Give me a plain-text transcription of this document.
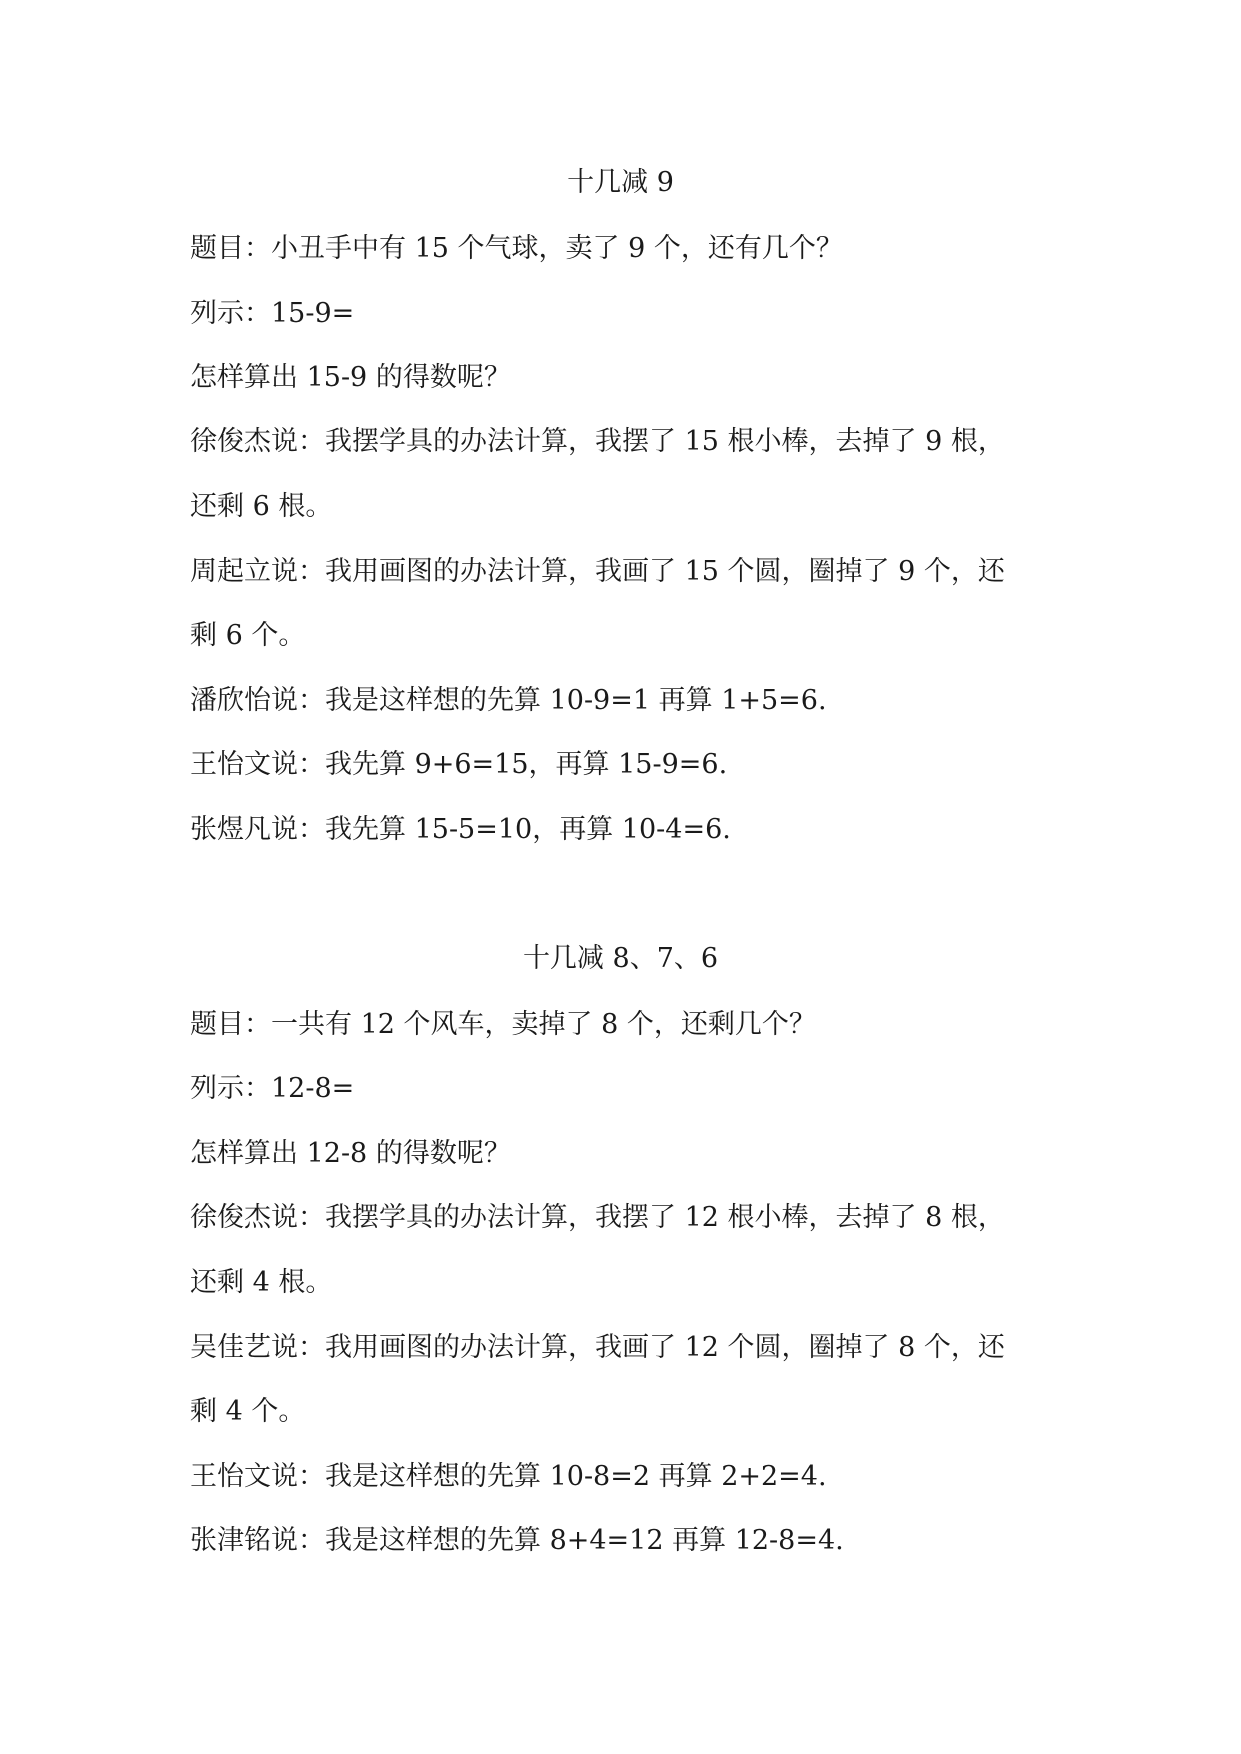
十几减 9
题目：小丑手中有 15 个气球，卖了 9 个，还有几个？
列示：15-9=
怎样算出 15-9 的得数呢？
徐俊杰说：我摆学具的办法计算，我摆了 15 根小棒，去掉了 9 根，
还剩 6 根。
周起立说：我用画图的办法计算，我画了 15 个圆，圈掉了 9 个，还
剩 6 个。
潘欣怡说：我是这样想的先算 10-9=1 再算 1+5=6.
王怡文说：我先算 9+6=15，再算 15-9=6.
张煜凡说：我先算 15-5=10，再算 10-4=6.
十几减 8、7、6
题目：一共有 12 个风车，卖掉了 8 个，还剩几个？
列示：12-8=
怎样算出 12-8 的得数呢？
徐俊杰说：我摆学具的办法计算，我摆了 12 根小棒，去掉了 8 根，
还剩 4 根。
吴佳艺说：我用画图的办法计算，我画了 12 个圆，圈掉了 8 个，还
剩 4 个。
王怡文说：我是这样想的先算 10-8=2 再算 2+2=4.
张津铭说：我是这样想的先算 8+4=12 再算 12-8=4.
